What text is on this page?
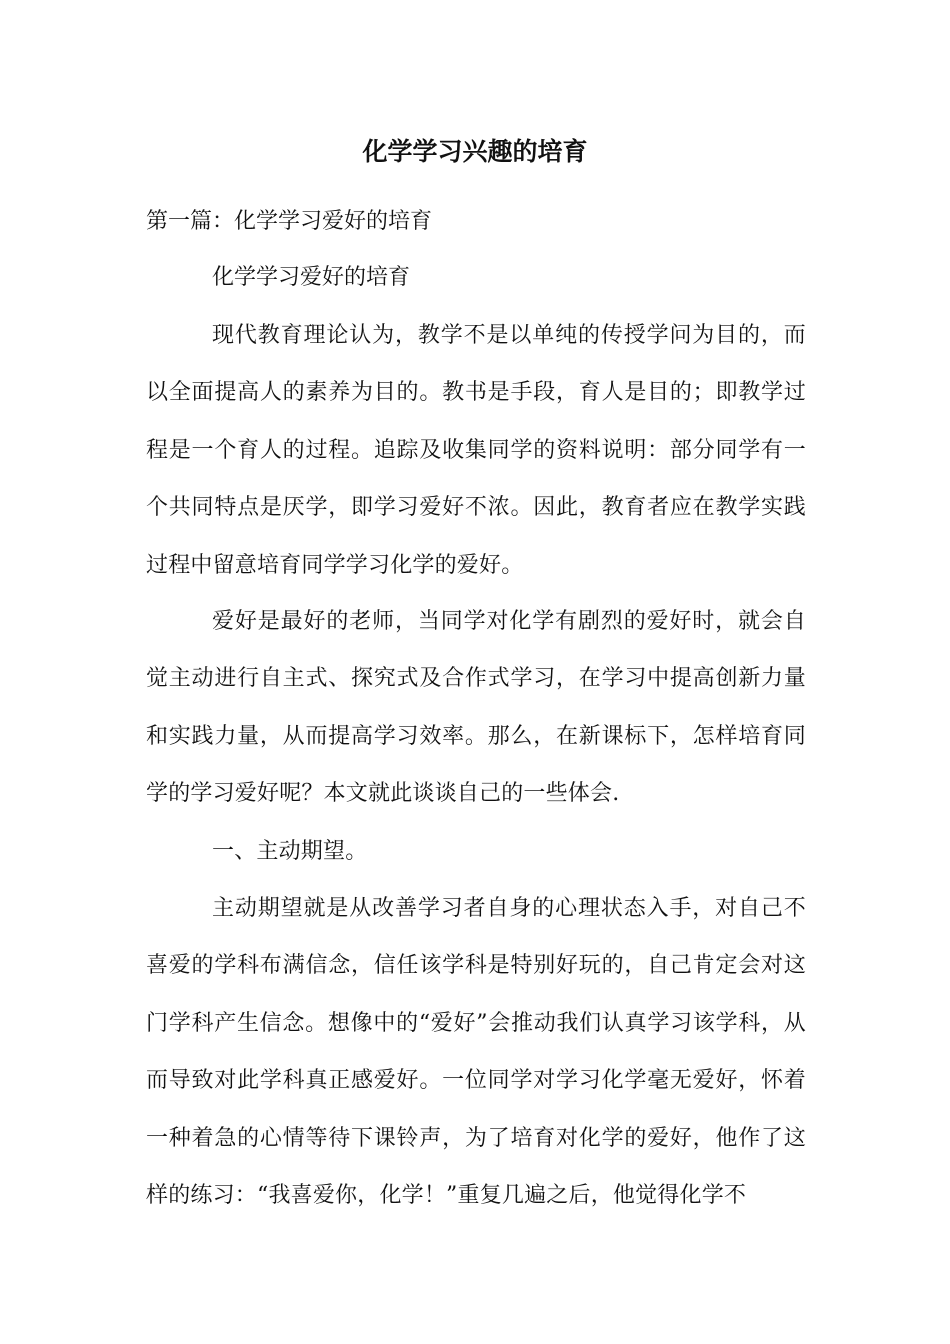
化学学习兴趣的培育

第一篇：化学学习爱好的培育

化学学习爱好的培育

现代教育理论认为，教学不是以单纯的传授学问为目的，而以全面提高人的素养为目的。教书是手段，育人是目的；即教学过程是一个育人的过程。追踪及收集同学的资料说明：部分同学有一个共同特点是厌学，即学习爱好不浓。因此，教育者应在教学实践过程中留意培育同学学习化学的爱好。

爱好是最好的老师，当同学对化学有剧烈的爱好时，就会自觉主动进行自主式、探究式及合作式学习，在学习中提高创新力量和实践力量，从而提高学习效率。那么，在新课标下，怎样培育同学的学习爱好呢？本文就此谈谈自己的一些体会.

一、主动期望。

主动期望就是从改善学习者自身的心理状态入手，对自己不喜爱的学科布满信念，信任该学科是特别好玩的，自己肯定会对这门学科产生信念。想像中的“爱好”会推动我们认真学习该学科，从而导致对此学科真正感爱好。一位同学对学习化学毫无爱好，怀着一种着急的心情等待下课铃声，为了培育对化学的爱好，他作了这样的练习：“我喜爱你，化学！”重复几遍之后，他觉得化学不
